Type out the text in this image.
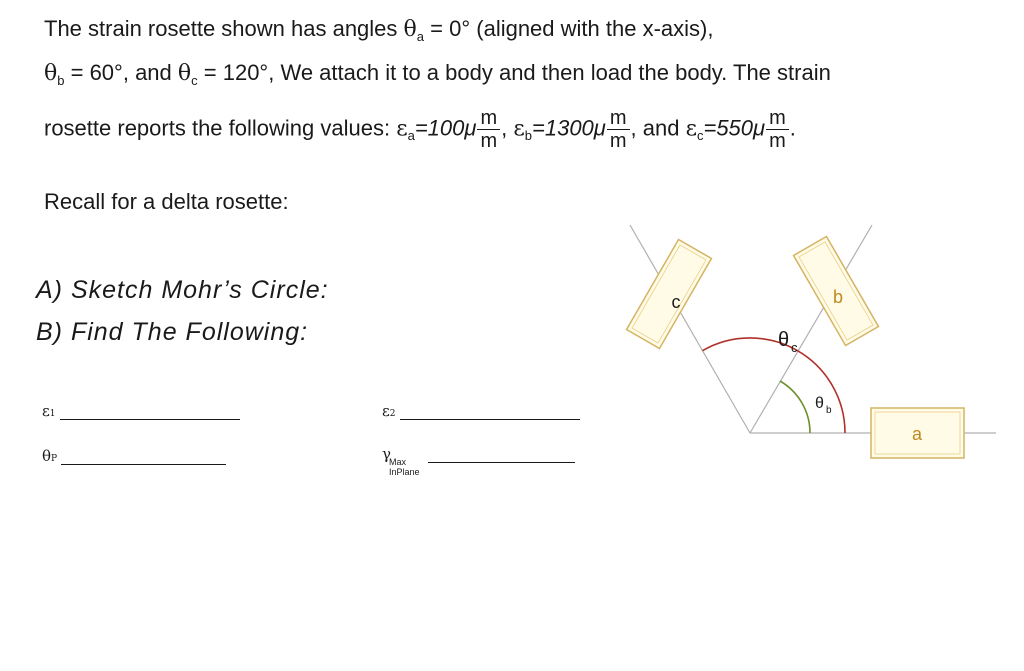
The strain rosette shown has angles $\theta_a = 0^\circ$ (aligned with the x-axis),
$\theta_b = 60^\circ$, and $\theta_c = 120^\circ$, We attach it to a body and then load the body. The strain
rosette reports the following values: $\varepsilon_a=100\mu \frac{m}{m}$ , $\varepsilon_b=1300\mu \frac{m}{m}$ , and $\varepsilon_c=550\mu \frac{m}{m}$ .
Recall for a delta rosette:
A) Sketch Mohr’s Circle:
B) Find The Following:
ε1	ε2
θP	γ
Max
InPlane
c	b
a
θ c
θ b
